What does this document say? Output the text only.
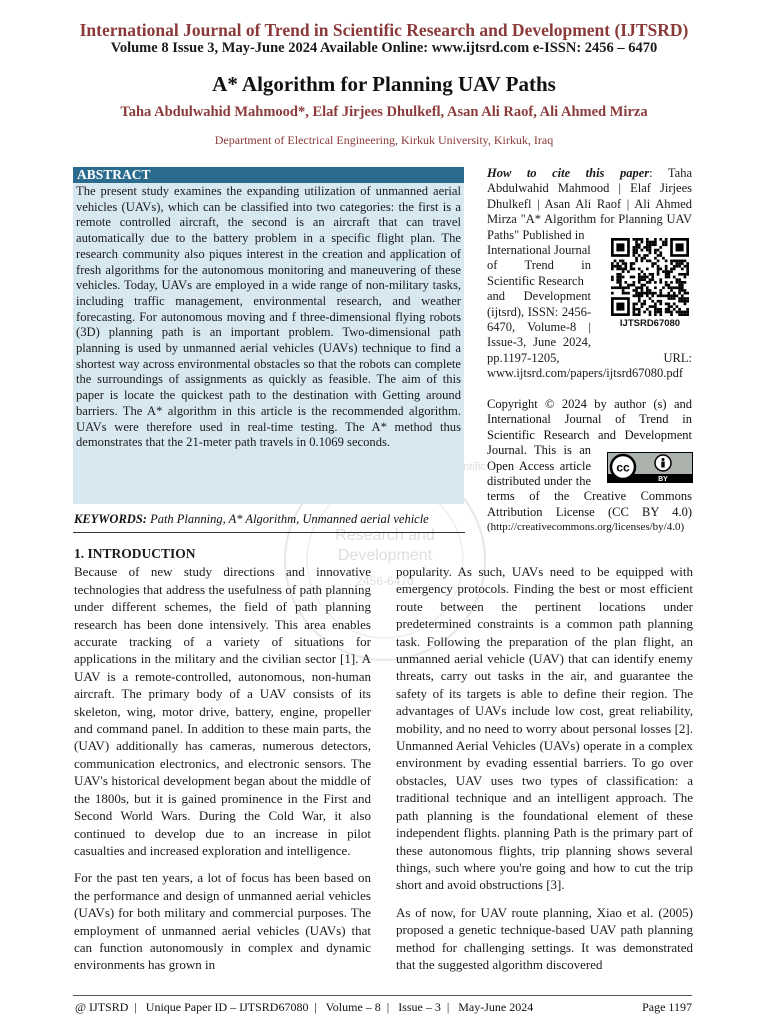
International Journal of Trend in Scientific Research and Development (IJTSRD)
Volume 8 Issue 3, May-June 2024 Available Online: www.ijtsrd.com e-ISSN: 2456 – 6470
A* Algorithm for Planning UAV Paths
Taha Abdulwahid Mahmood*, Elaf Jirjees Dhulkefl, Asan Ali Raof, Ali Ahmed Mirza
Department of Electrical Engineering, Kirkuk University, Kirkuk, Iraq
Research and
Development
2456-6470
ABSTRACT

The present study examines the expanding utilization of unmanned aerial vehicles (UAVs), which can be classified into two categories: the first is a remote controlled aircraft, the second is an aircraft that can travel automatically due to the battery problem in a specific flight plan. The research community also piques interest in the creation and application of fresh algorithms for the autonomous monitoring and maneuvering of these vehicles. Today, UAVs are employed in a wide range of non-military tasks, including traffic management, environmental research, and weather forecasting. For autonomous moving and f three-dimensional flying robots (3D) planning path is an important problem. Two-dimensional path planning is used by unmanned aerial vehicles (UAVs) technique to find a shortest way across environmental obstacles so that the robots can complete the surroundings of assignments as quickly as feasible. The aim of this paper is locate the quickest path to the destination with Getting around barriers. The A* algorithm in this article is the recommended algorithm. UAVs were therefore used in real-time testing. The A* method thus demonstrates that the 21-meter path travels in 0.1069 seconds.

KEYWORDS: Path Planning, A* Algorithm, Unmanned aerial vehicle

How to cite this paper: Taha

Abdulwahid Mahmood | Elaf Jirjees

Dhulkefl | Asan Ali Raof | Ali Ahmed

Mirza "A* Algorithm for Planning UAV

Paths" Published in

International Journal

of Trend in

Scientific Research

and Development

(ijtsrd), ISSN: 2456-

6470, Volume-8 |

Issue-3, June 2024,

pp.1197-1205,	URL:

www.ijtsrd.com/papers/ijtsrd67080.pdf

IJTSRD67080

Copyright © 2024 by author (s) and

International Journal of Trend in

Scientific Research and Development

Journal. This is an

Open Access article

distributed under the

terms of the Creative Commons

Attribution License (CC BY 4.0)

(http://creativecommons.org/licenses/by/4.0)

cc
BY
1. INTRODUCTION

Because of new study directions and innovative technologies that address the usefulness of path planning under different schemes, the field of path planning research has been done intensively. This area enables accurate tracking of a variety of situations for applications in the military and the civilian sector [1]. A UAV is a remote-controlled, autonomous, non-human aircraft. The primary body of a UAV consists of its skeleton, wing, motor drive, battery, engine, propeller and command panel. In addition to these main parts, the (UAV) additionally has cameras, numerous detectors, communication electronics, and electronic sensors. The UAV's historical development began about the middle of the 1800s, but it is gained prominence in the First and Second World Wars. During the Cold War, it also continued to develop due to an increase in pilot casualties and increased exploration and intelligence.

For the past ten years, a lot of focus has been based on the performance and design of unmanned aerial vehicles (UAVs) for both military and commercial purposes. The employment of unmanned aerial vehicles (UAVs) that can function autonomously in complex and dynamic environments has grown in

popularity. As such, UAVs need to be equipped with emergency protocols. Finding the best or most efficient route between the pertinent locations under predetermined constraints is a common path planning task. Following the preparation of the plan flight, an unmanned aerial vehicle (UAV) that can identify enemy threats, carry out tasks in the air, and guarantee the safety of its targets is able to define their region. The advantages of UAVs include low cost, great reliability, mobility, and no need to worry about personal losses [2]. Unmanned Aerial Vehicles (UAVs) operate in a complex environment by evading essential barriers. To go over obstacles, UAV uses two types of classification: a traditional technique and an intelligent approach. The path planning is the foundational element of these independent flights. planning Path is the primary part of these autonomous flights, trip planning shows several things, such where you're going and how to cut the trip short and avoid obstructions [3].

As of now, for UAV route planning, Xiao et al. (2005) proposed a genetic technique-based UAV path planning method for challenging settings. It was demonstrated that the suggested algorithm discovered

@ IJTSRD | Unique Paper ID – IJTSRD67080 | Volume – 8 | Issue – 3 | May-June 2024	Page 1197
